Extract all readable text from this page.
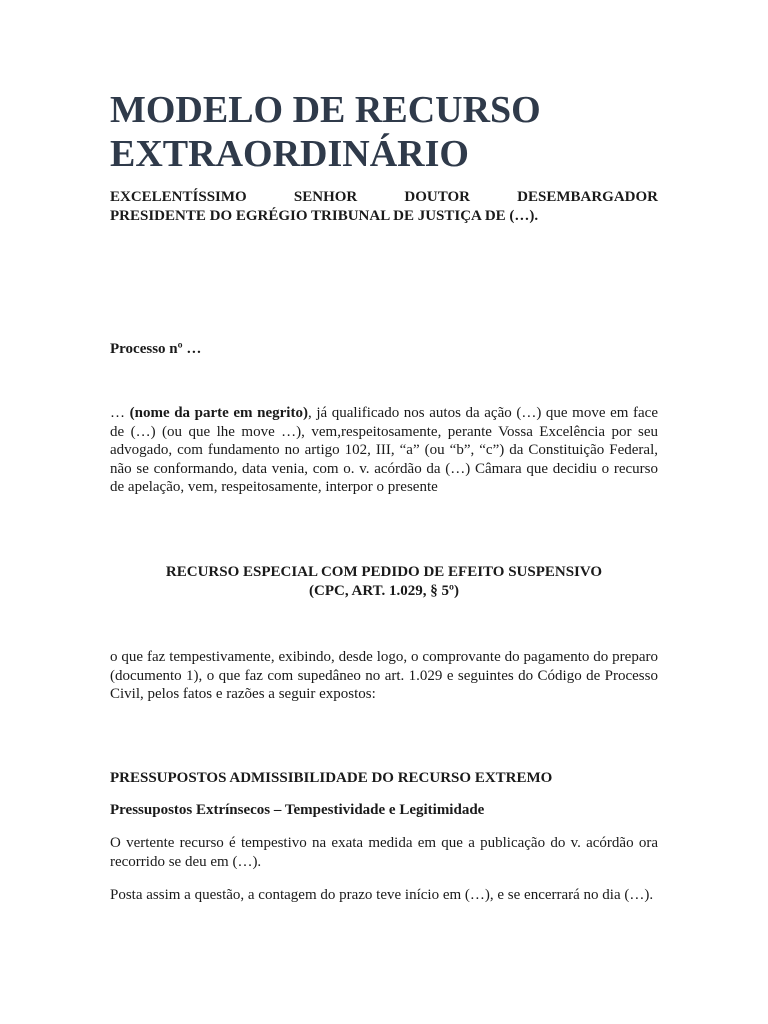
MODELO DE RECURSO
EXTRAORDINÁRIO
EXCELENTÍSSIMO SENHOR DOUTOR DESEMBARGADOR
PRESIDENTE DO EGRÉGIO TRIBUNAL DE JUSTIÇA DE (…).

Processo nº …

… (nome da parte em negrito), já qualificado nos autos da ação (…) que move em face de (…) (ou que lhe move …), vem,respeitosamente, perante Vossa Excelência por seu advogado, com fundamento no artigo 102, III, “a” (ou “b”, “c”) da Constituição Federal, não se conformando, data venia, com o. v. acórdão da (…) Câmara que decidiu o recurso de apelação, vem, respeitosamente, interpor o presente

RECURSO ESPECIAL COM PEDIDO DE EFEITO SUSPENSIVO
(CPC, ART. 1.029, § 5º)

o que faz tempestivamente, exibindo, desde logo, o comprovante do pagamento do preparo (documento 1), o que faz com supedâneo no art. 1.029 e seguintes do Código de Processo Civil, pelos fatos e razões a seguir expostos:

PRESSUPOSTOS ADMISSIBILIDADE DO RECURSO EXTREMO

Pressupostos Extrínsecos – Tempestividade e Legitimidade

O vertente recurso é tempestivo na exata medida em que a publicação do v. acórdão ora recorrido se deu em (…).

Posta assim a questão, a contagem do prazo teve início em (…), e se encerrará no dia (…).
